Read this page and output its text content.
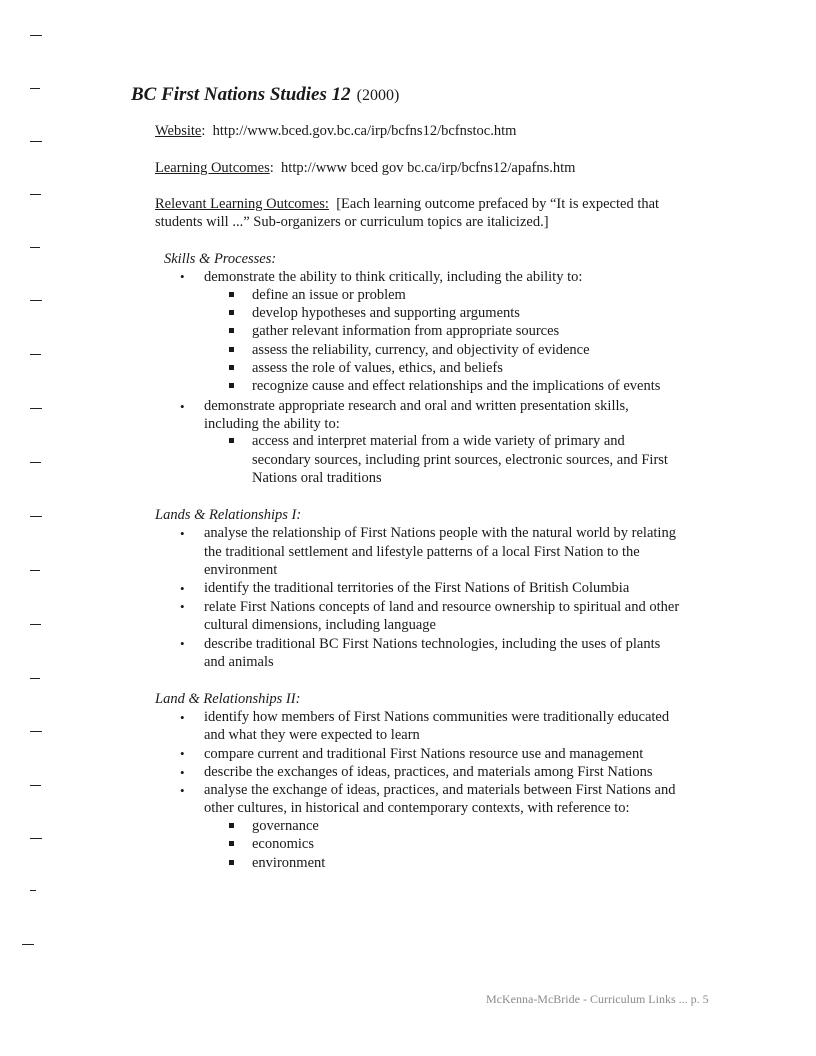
BC First Nations Studies 12 (2000)
Website: http://www.bced.gov.bc.ca/irp/bcfns12/bcfnstoc.htm
Learning Outcomes: http://www bced gov bc.ca/irp/bcfns12/apafns.htm
Relevant Learning Outcomes: [Each learning outcome prefaced by “It is expected that
students will ...” Sub-organizers or curriculum topics are italicized.]
Skills & Processes:
• demonstrate the ability to think critically, including the ability to:
define an issue or problem
develop hypotheses and supporting arguments
gather relevant information from appropriate sources
assess the reliability, currency, and objectivity of evidence
assess the role of values, ethics, and beliefs
recognize cause and effect relationships and the implications of events
• demonstrate appropriate research and oral and written presentation skills,
including the ability to:
access and interpret material from a wide variety of primary and
secondary sources, including print sources, electronic sources, and First
Nations oral traditions
Lands & Relationships I:
• analyse the relationship of First Nations people with the natural world by relating
the traditional settlement and lifestyle patterns of a local First Nation to the
environment
• identify the traditional territories of the First Nations of British Columbia
• relate First Nations concepts of land and resource ownership to spiritual and other
cultural dimensions, including language
• describe traditional BC First Nations technologies, including the uses of plants
and animals
Land & Relationships II:
• identify how members of First Nations communities were traditionally educated
and what they were expected to learn
• compare current and traditional First Nations resource use and management
• describe the exchanges of ideas, practices, and materials among First Nations
• analyse the exchange of ideas, practices, and materials between First Nations and
other cultures, in historical and contemporary contexts, with reference to:
governance
economics
environment
McKenna-McBride - Curriculum Links ... p. 5
